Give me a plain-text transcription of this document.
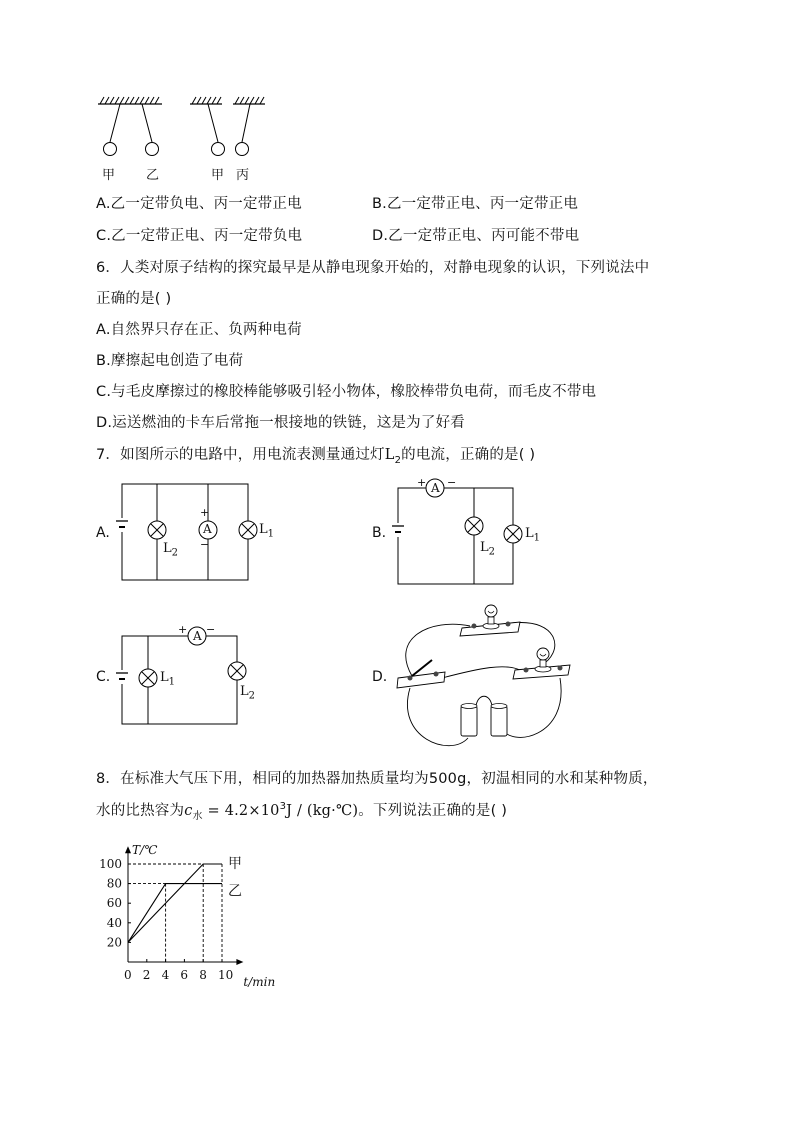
甲 乙	甲 丙
A.乙一定带负电、丙一定带正电	B.乙一定带正电、丙一定带正电
C.乙一定带正电、丙一定带负电	D.乙一定带正电、丙可能不带电
6．人类对原子结构的探究最早是从静电现象开始的，对静电现象的认识，下列说法中
正确的是( )
A.自然界只存在正、负两种电荷
B.摩擦起电创造了电荷
C.与毛皮摩擦过的橡胶棒能够吸引轻小物体，橡胶棒带负电荷，而毛皮不带电
D.运送燃油的卡车后常拖一根接地的铁链，这是为了好看
7．如图所示的电路中，用电流表测量通过灯$L_2$的电流，正确的是( )
A.	A
+
−
$L_2$
$L_1$	B.
A
+ −
$L_2$
$L_1$
C.
A
+ −
$L_1$
$L_2$
D.
8．在标准大气压下用，相同的加热器加热质量均为500g，初温相同的水和某种物质，
水的比热容为$c_水 = 4.2\times 10^3J$ / (kg·℃)。下列说法正确的是( )
T/℃
t/min
0 2 4 6 8 10
20
40
60
80
100	甲
乙
